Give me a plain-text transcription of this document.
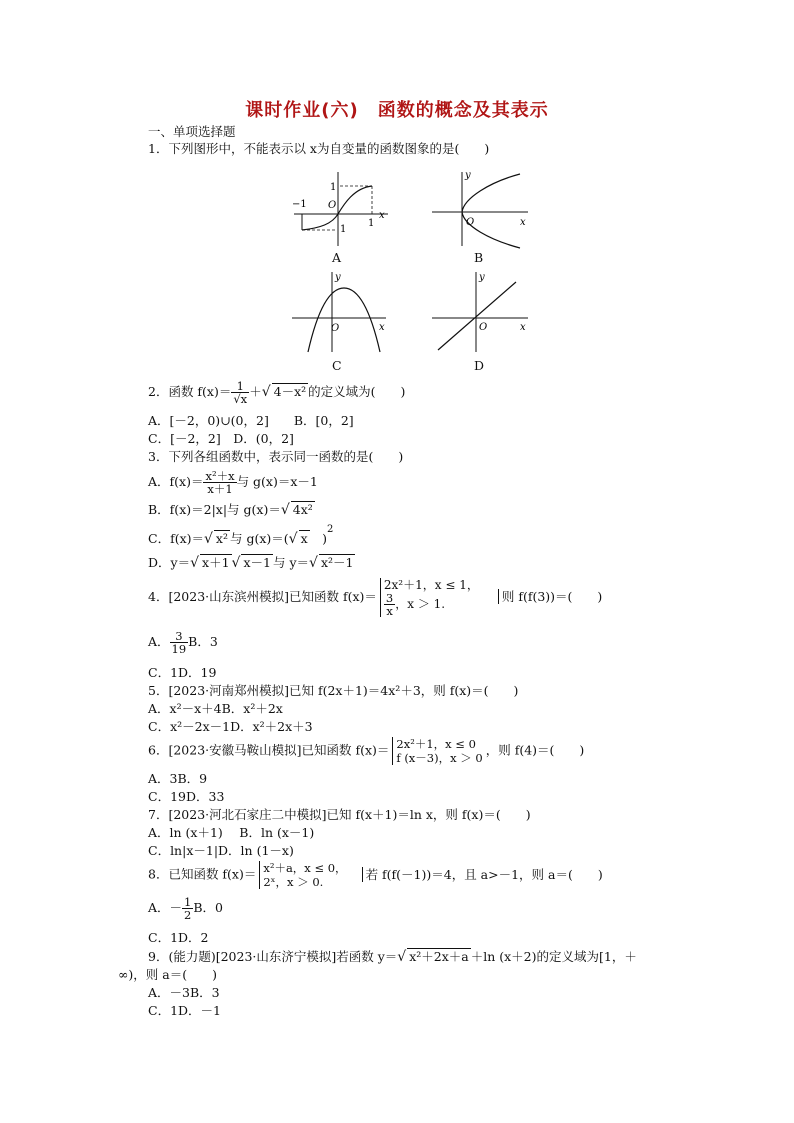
课时作业(六)　函数的概念及其表示
一、单项选择题
1．下列图形中，不能表示以 x为自变量的函数图象的是(　　)
−1
1
O
1
x
1
A
y
O	x
B
y
O	x
C
y
O	x
D
2．函数 $f(x)= \frac{1}{√x}$ ＋√ 4－x² 的定义域为(　　)
A．[－2，0)∪(0，2]　　B．[0，2]
C．[－2，2]　D．(0，2]
3．下列各组函数中，表示同一函数的是(　　)
A．$f(x)= \frac{\text{x²＋x}}{x+1}$ 与 g(x)＝x－1
B．f(x)＝2|x|与 g(x)＝√ 4x²
C．f(x)＝√ x² 与 g(x)＝(√ x　)$^2$
D．y＝√ x＋1 √ x－1 与 y＝√ x²－1
4．[2023·山东滨州模拟]已知函数 f(x)＝
2x²＋1，x ≤ 1，
$\frac{3}{x}$ ，x ＞ 1.	则 f(f(3))＝(　　)
A． $\frac{3}{19}$ B．3
C．1D．19
5．[2023·河南郑州模拟]已知 f(2x＋1)＝4x²＋3，则 f(x)＝(　　)
A．x²－x＋4B．x²＋2x
C．x²－2x－1D．x²＋2x＋3
6．[2023·安徽马鞍山模拟]已知函数 f(x)＝ 2x²＋1，x ≤ 0
f (x－3)，x ＞ 0
，则 f(4)＝(　　)
A．3B．9
C．19D．33
7．[2023·河北石家庄二中模拟]已知 f(x＋1)＝ln x，则 f(x)＝(　　)
A．ln (x＋1)　 B．ln (x－1)
C．ln|x－1|D．ln (1－x)
8．已知函数 f(x)＝ x²＋a，x ≤ 0，
2ˣ，x ＞ 0.
若 f(f(－1))＝4，且 a>－1，则 a＝(　　)
A．－ $\frac{1}{2}$ B．0
C．1D．2
9．(能力题)[2023·山东济宁模拟]若函数 y＝√ x²＋2x＋a ＋ln (x＋2)的定义域为[1，＋
∞)，则 a＝(　　)
A．－3B．3
C．1D．－1
